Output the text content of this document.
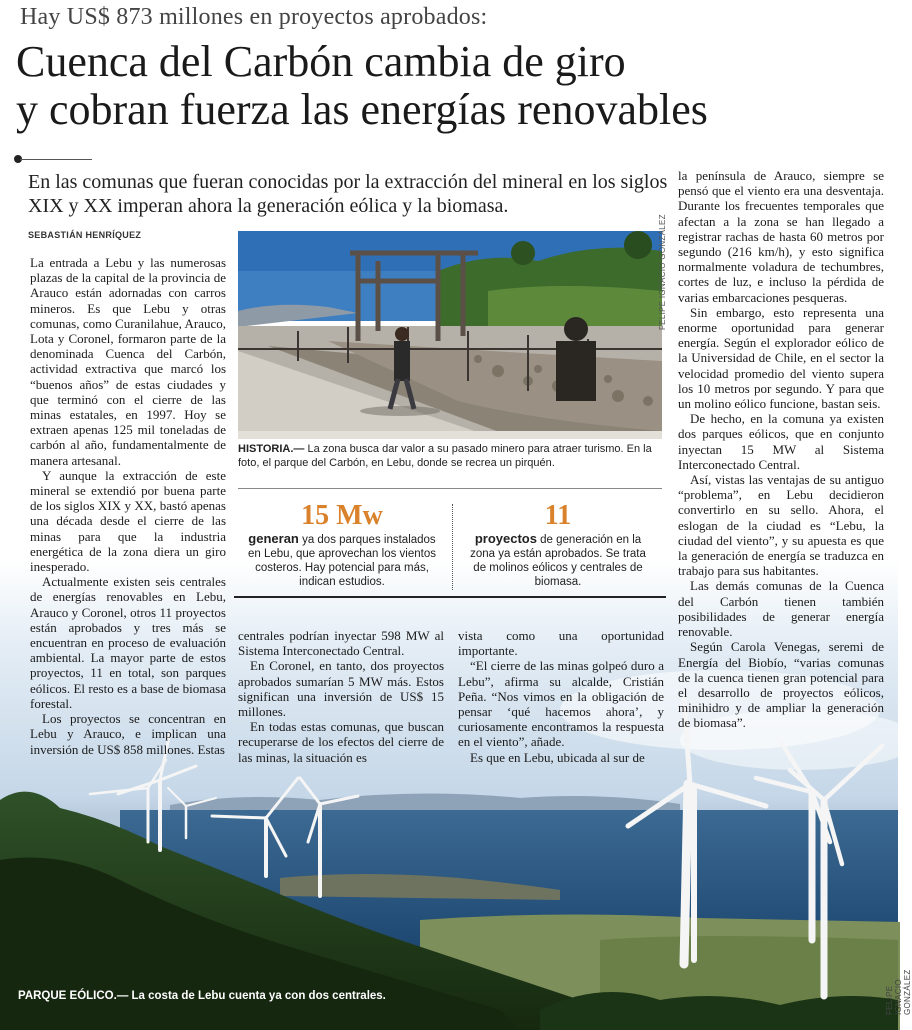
Hay US$ 873 millones en proyectos aprobados:
Cuenca del Carbón cambia de giro
y cobran fuerza las energías renovables
En las comunas que fueran conocidas por la extracción del mineral en los siglos XIX y XX imperan ahora la generación eólica y la biomasa.
SEBASTIÁN HENRÍQUEZ

La entrada a Lebu y las numerosas plazas de la capital de la provincia de Arauco están adornadas con carros mineros. Es que Lebu y otras comunas, como Curanilahue, Arauco, Lota y Coronel, formaron parte de la denominada Cuenca del Carbón, actividad extractiva que marcó los “buenos años” de estas ciudades y que terminó con el cierre de las minas estatales, en 1997. Hoy se extraen apenas 125 mil toneladas de carbón al año, fundamentalmente de manera artesanal.

Y aunque la extracción de este mineral se extendió por buena parte de los siglos XIX y XX, bastó apenas una década desde el cierre de las minas para que la industria energética de la zona diera un giro inesperado.

Actualmente existen seis centrales de energías renovables en Lebu, Arauco y Coronel, otros 11 proyectos están aprobados y tres más se encuentran en proceso de evaluación ambiental. La mayor parte de estos proyectos, 11 en total, son parques eólicos. El resto es a base de biomasa forestal.

Los proyectos se concentran en Lebu y Arauco, e implican una inversión de US$ 858 millones. Estas

FELIPE IGNACIO GONZÁLEZ
HISTORIA.— La zona busca dar valor a su pasado minero para atraer turismo. En la foto, el parque del Carbón, en Lebu, donde se recrea un pirquén.
15 Mw
generan ya dos parques instalados en Lebu, que aprovechan los vientos costeros. Hay potencial para más, indican estudios.
11
proyectos de generación en la zona ya están aprobados. Se trata de molinos eólicos y centrales de biomasa.

centrales podrían inyectar 598 MW al Sistema Interconectado Central.

En Coronel, en tanto, dos proyectos aprobados sumarían 5 MW más. Estos significan una inversión de US$ 15 millones.

En todas estas comunas, que buscan recuperarse de los efectos del cierre de las minas, la situación es

vista como una oportunidad importante.

“El cierre de las minas golpeó duro a Lebu”, afirma su alcalde, Cristián Peña. “Nos vimos en la obligación de pensar ‘qué hacemos ahora’, y curiosamente encontramos la respuesta en el viento”, añade.

Es que en Lebu, ubicada al sur de

la península de Arauco, siempre se pensó que el viento era una desventaja. Durante los frecuentes temporales que afectan a la zona se han llegado a registrar rachas de hasta 60 metros por segundo (216 km/h), y esto significa normalmente voladura de techumbres, cortes de luz, e incluso la pérdida de varias embarcaciones pesqueras.

Sin embargo, esto representa una enorme oportunidad para generar energía. Según el explorador eólico de la Universidad de Chile, en el sector la velocidad promedio del viento supera los 10 metros por segundo. Y para que un molino eólico funcione, bastan seis.

De hecho, en la comuna ya existen dos parques eólicos, que en conjunto inyectan 15 MW al Sistema Interconectado Central.

Así, vistas las ventajas de su antiguo “problema”, en Lebu decidieron convertirlo en su sello. Ahora, el eslogan de la ciudad es “Lebu, la ciudad del viento”, y su apuesta es que la generación de energía se traduzca en trabajo para sus habitantes.

Las demás comunas de la Cuenca del Carbón tienen también posibilidades de generar energía renovable.

Según Carola Venegas, seremi de Energía del Biobío, “varias comunas de la cuenca tienen gran potencial para el desarrollo de proyectos eólicos, minihidro y de ampliar la generación de biomasa”.

FELIPE IGNACIO GONZÁLEZ
PARQUE EÓLICO.— La costa de Lebu cuenta ya con dos centrales.
